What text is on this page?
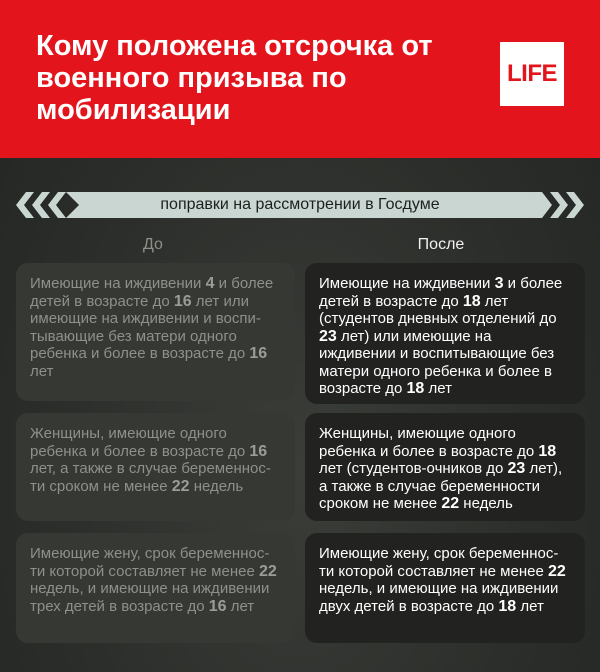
Кому положена отсрочка от военного призыва по мобилизации
LIFE
поправки на рассмотрении в Госдуме
До	После
Имеющие на иждивении 4 и более детей в возрасте до 16 лет или имеющие на иждивении и воспи-тывающие без матери одного ребенка и более в возрасте до 16 лет
Имеющие на иждивении 3 и более детей в возрасте до 18 лет (студентов дневных отделений до 23 лет) или имеющие на иждивении и воспитывающие без матери одного ребенка и более в возрасте до 18 лет
Женщины, имеющие одного ребенка и более в возрасте до 16 лет, а также в случае беременнос-ти сроком не менее 22 недель
Женщины, имеющие одного ребенка и более в возрасте до 18 лет (студентов-очников до 23 лет), а также в случае беременности сроком не менее 22 недель
Имеющие жену, срок беременнос-ти которой составляет не менее 22 недель, и имеющие на иждивении трех детей в возрасте до 16 лет
Имеющие жену, срок беременнос-ти которой составляет не менее 22 недель, и имеющие на иждивении двух детей в возрасте до 18 лет
